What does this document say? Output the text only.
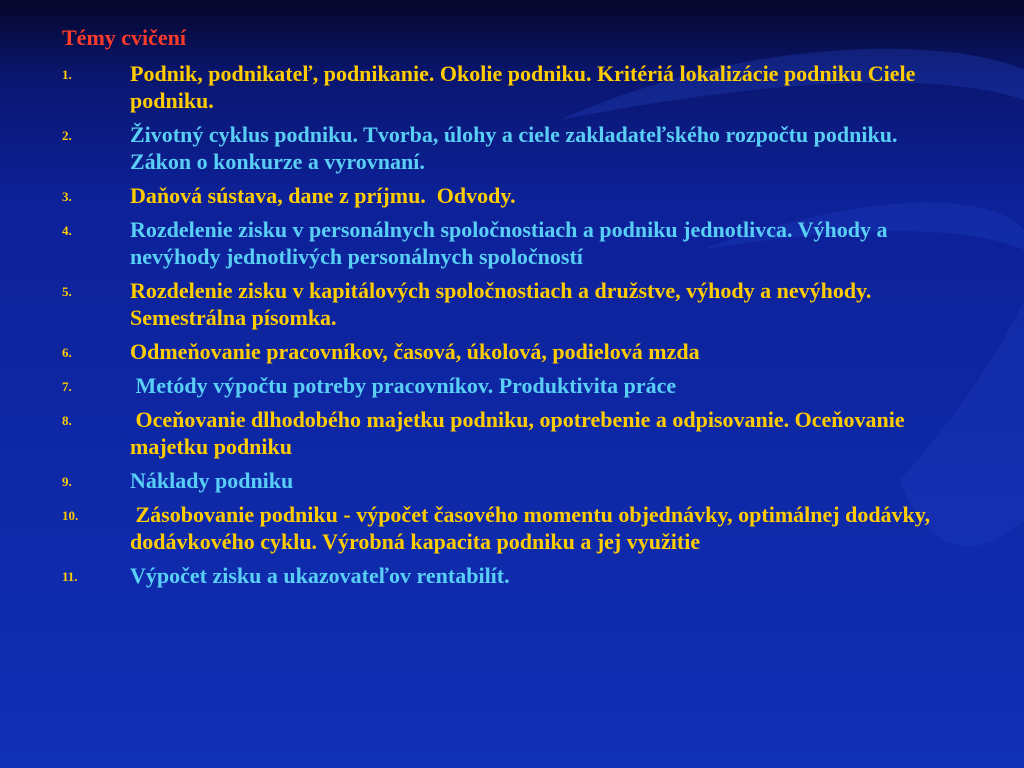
Témy cvičení
1.	Podnik, podnikateľ, podnikanie. Okolie podniku. Kritériá lokalizácie podniku Ciele podniku.
2.	Životný cyklus podniku. Tvorba, úlohy a ciele zakladateľského rozpočtu podniku. Zákon o konkurze a vyrovnaní.
3.	Daňová sústava, dane z príjmu.  Odvody.
4.	Rozdelenie zisku v personálnych spoločnostiach a podniku jednotlivca. Výhody a nevýhody jednotlivých personálnych spoločností
5.	Rozdelenie zisku v kapitálových spoločnostiach a družstve, výhody a nevýhody. Semestrálna písomka.
6.	Odmeňovanie pracovníkov, časová, úkolová, podielová mzda
7.	Metódy výpočtu potreby pracovníkov. Produktivita práce
8.	Oceňovanie dlhodobého majetku podniku, opotrebenie a odpisovanie. Oceňovanie majetku podniku
9.	Náklady podniku
10. Zásobovanie podniku - výpočet časového momentu objednávky, optimálnej dodávky, dodávkového cyklu. Výrobná kapacita podniku a jej využitie
11. Výpočet zisku a ukazovateľov rentabilít.
